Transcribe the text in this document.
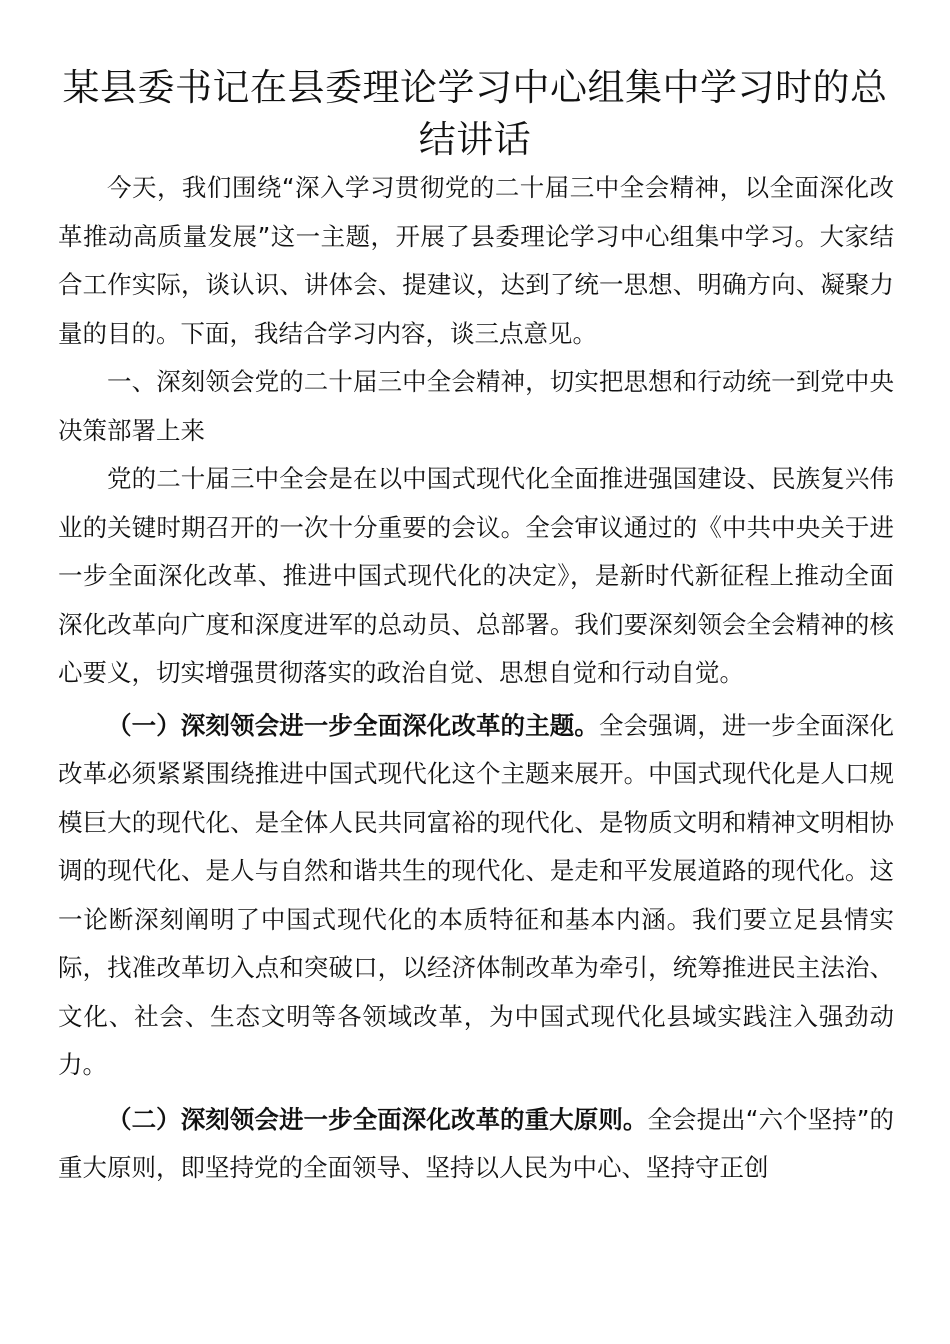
某县委书记在县委理论学习中心组集中学习时的总结讲话

今天，我们围绕“深入学习贯彻党的二十届三中全会精神，以全面深化改革推动高质量发展”这一主题，开展了县委理论学习中心组集中学习。大家结合工作实际，谈认识、讲体会、提建议，达到了统一思想、明确方向、凝聚力量的目的。下面，我结合学习内容，谈三点意见。

一、深刻领会党的二十届三中全会精神，切实把思想和行动统一到党中央决策部署上来

党的二十届三中全会是在以中国式现代化全面推进强国建设、民族复兴伟业的关键时期召开的一次十分重要的会议。全会审议通过的《中共中央关于进一步全面深化改革、推进中国式现代化的决定》，是新时代新征程上推动全面深化改革向广度和深度进军的总动员、总部署。我们要深刻领会全会精神的核心要义，切实增强贯彻落实的政治自觉、思想自觉和行动自觉。

（一）深刻领会进一步全面深化改革的主题。全会强调，进一步全面深化改革必须紧紧围绕推进中国式现代化这个主题来展开。中国式现代化是人口规模巨大的现代化、是全体人民共同富裕的现代化、是物质文明和精神文明相协调的现代化、是人与自然和谐共生的现代化、是走和平发展道路的现代化。这一论断深刻阐明了中国式现代化的本质特征和基本内涵。我们要立足县情实际，找准改革切入点和突破口，以经济体制改革为牵引，统筹推进民主法治、文化、社会、生态文明等各领域改革，为中国式现代化县域实践注入强劲动力。

（二）深刻领会进一步全面深化改革的重大原则。全会提出“六个坚持”的重大原则，即坚持党的全面领导、坚持以人民为中心、坚持守正创
